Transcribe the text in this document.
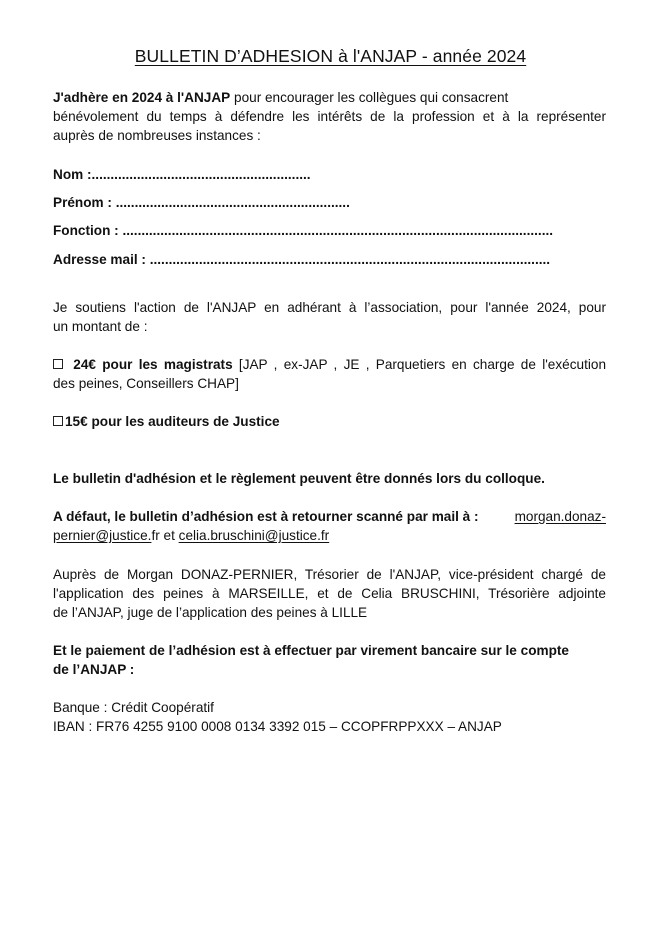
BULLETIN D’ADHESION à l'ANJAP - année 2024
J'adhère en 2024 à l'ANJAP pour encourager les collègues qui consacrent
bénévolement du temps à défendre les intérêts de la profession et à la représenter
auprès de nombreuses instances :
Nom :..........................................................
Prénom : ..............................................................
Fonction : ..................................................................................................................
Adresse mail : ..........................................................................................................
Je soutiens l'action de l'ANJAP en adhérant à l’association, pour l'année 2024, pour
un montant de :
24€ pour les magistrats [JAP , ex-JAP , JE , Parquetiers en charge de l'exécution
des peines, Conseillers CHAP]
15€ pour les auditeurs de Justice
Le bulletin d'adhésion et le règlement peuvent être donnés lors du colloque.
A défaut, le bulletin d’adhésion est à retourner scanné par mail à :	morgan.donaz-
pernier@justice.fr et celia.bruschini@justice.fr
Auprès de Morgan DONAZ-PERNIER, Trésorier de l'ANJAP, vice-président chargé de
l'application des peines à MARSEILLE, et de Celia BRUSCHINI, Trésorière adjointe
de l’ANJAP, juge de l’application des peines à LILLE
Et le paiement de l’adhésion est à effectuer par virement bancaire sur le compte
de l’ANJAP :
Banque : Crédit Coopératif
IBAN : FR76 4255 9100 0008 0134 3392 015 – CCOPFRPPXXX – ANJAP
